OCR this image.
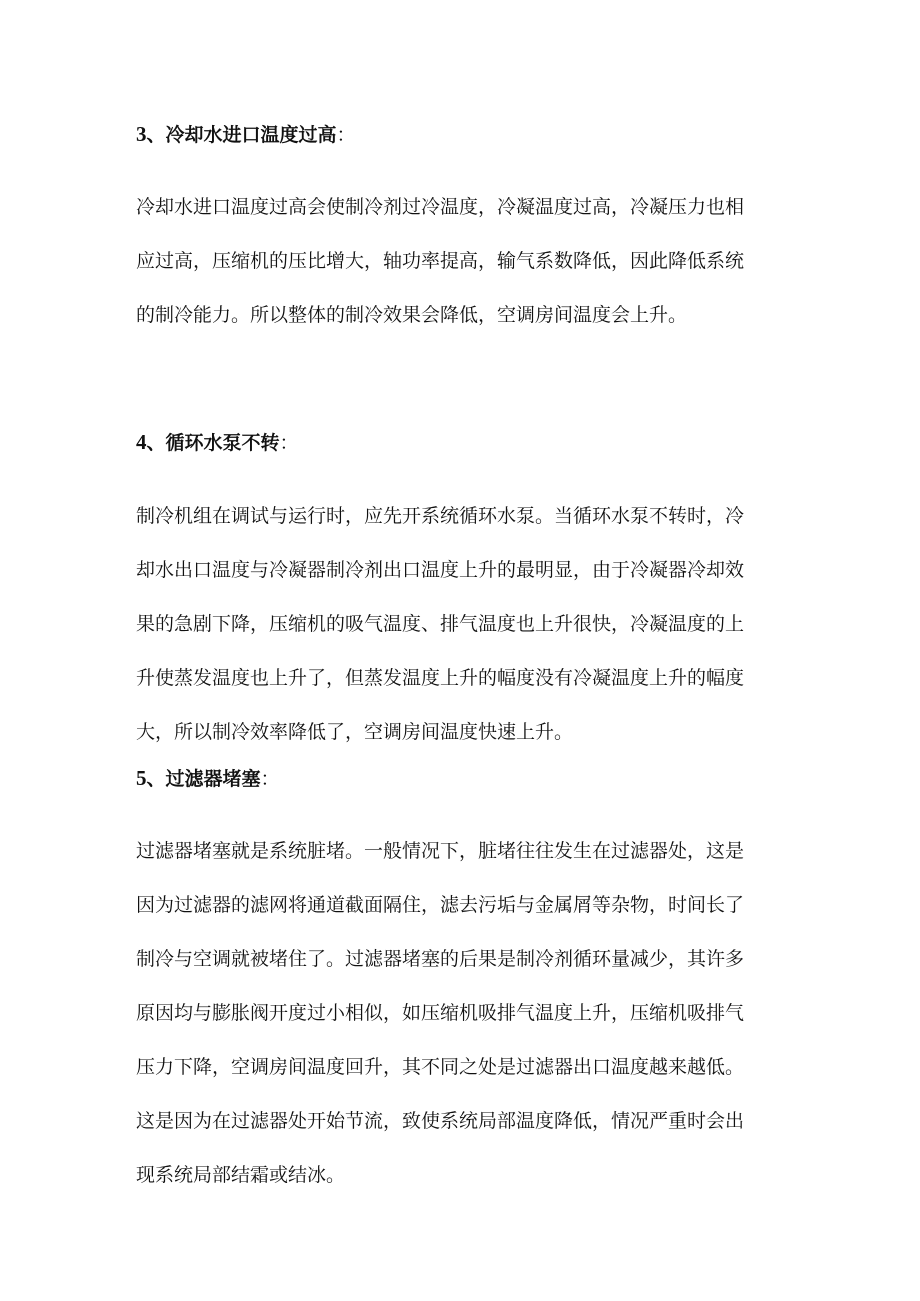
3、冷却水进口温度过高：
冷却水进口温度过高会使制冷剂过冷温度，冷凝温度过高，冷凝压力也相
应过高，压缩机的压比增大，轴功率提高，输气系数降低，因此降低系统
的制冷能力。所以整体的制冷效果会降低，空调房间温度会上升。
4、循环水泵不转：
制冷机组在调试与运行时，应先开系统循环水泵。当循环水泵不转时，冷
却水出口温度与冷凝器制冷剂出口温度上升的最明显，由于冷凝器冷却效
果的急剧下降，压缩机的吸气温度、排气温度也上升很快，冷凝温度的上
升使蒸发温度也上升了，但蒸发温度上升的幅度没有冷凝温度上升的幅度
大，所以制冷效率降低了，空调房间温度快速上升。
5、过滤器堵塞：
过滤器堵塞就是系统脏堵。一般情况下，脏堵往往发生在过滤器处，这是
因为过滤器的滤网将通道截面隔住，滤去污垢与金属屑等杂物，时间长了
制冷与空调就被堵住了。过滤器堵塞的后果是制冷剂循环量减少，其许多
原因均与膨胀阀开度过小相似，如压缩机吸排气温度上升，压缩机吸排气
压力下降，空调房间温度回升，其不同之处是过滤器出口温度越来越低。
这是因为在过滤器处开始节流，致使系统局部温度降低，情况严重时会出
现系统局部结霜或结冰。
